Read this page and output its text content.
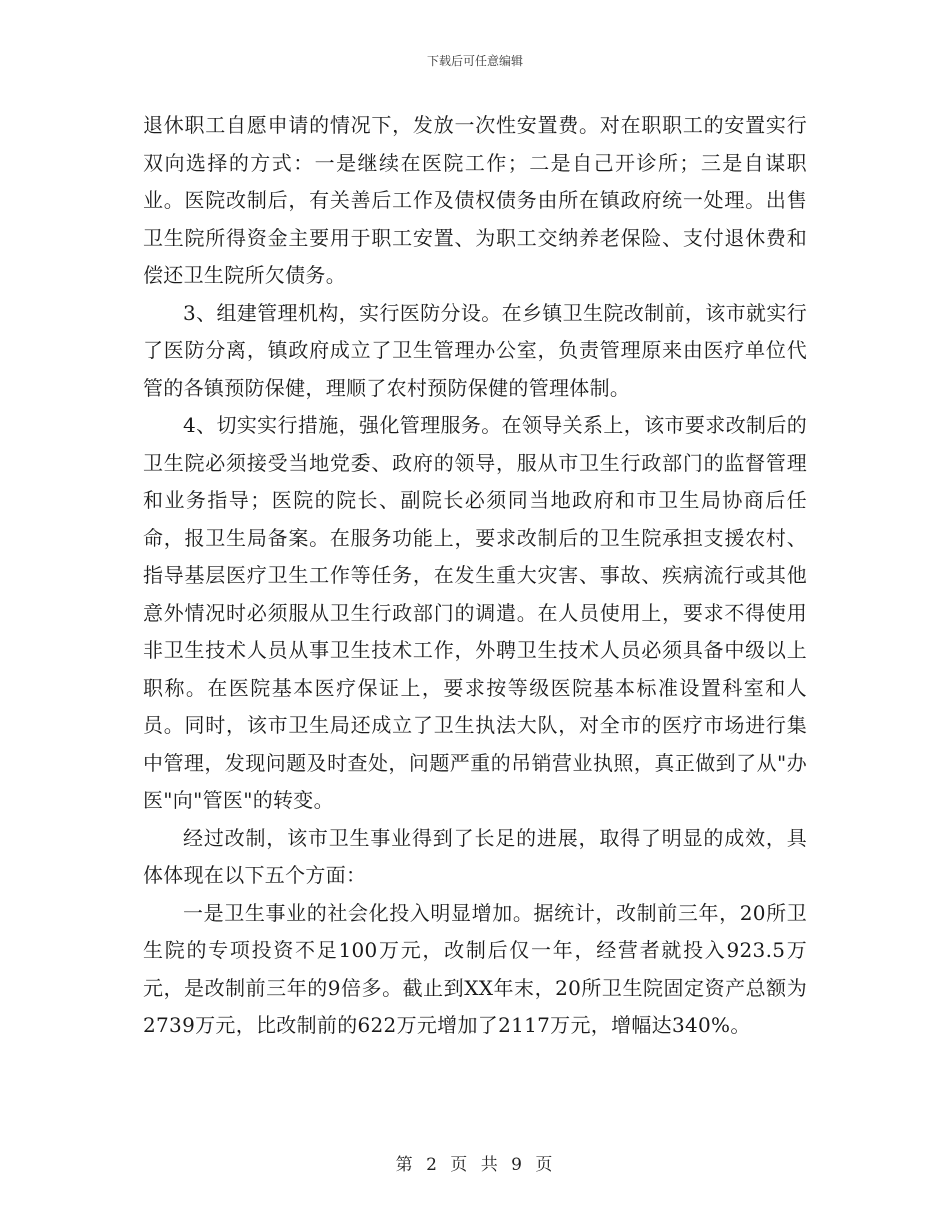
下载后可任意编辑

退休职工自愿申请的情况下，发放一次性安置费。对在职职工的安置实行双向选择的方式：一是继续在医院工作；二是自己开诊所；三是自谋职业。医院改制后，有关善后工作及债权债务由所在镇政府统一处理。出售卫生院所得资金主要用于职工安置、为职工交纳养老保险、支付退休费和偿还卫生院所欠债务。

3、组建管理机构，实行医防分设。在乡镇卫生院改制前，该市就实行了医防分离，镇政府成立了卫生管理办公室，负责管理原来由医疗单位代管的各镇预防保健，理顺了农村预防保健的管理体制。

4、切实实行措施，强化管理服务。在领导关系上，该市要求改制后的卫生院必须接受当地党委、政府的领导，服从市卫生行政部门的监督管理和业务指导；医院的院长、副院长必须同当地政府和市卫生局协商后任命，报卫生局备案。在服务功能上，要求改制后的卫生院承担支援农村、指导基层医疗卫生工作等任务，在发生重大灾害、事故、疾病流行或其他意外情况时必须服从卫生行政部门的调遣。在人员使用上，要求不得使用非卫生技术人员从事卫生技术工作，外聘卫生技术人员必须具备中级以上职称。在医院基本医疗保证上，要求按等级医院基本标准设置科室和人员。同时，该市卫生局还成立了卫生执法大队，对全市的医疗市场进行集中管理，发现问题及时查处，问题严重的吊销营业执照，真正做到了从"办医"向"管医"的转变。

经过改制，该市卫生事业得到了长足的进展，取得了明显的成效，具体体现在以下五个方面：

一是卫生事业的社会化投入明显增加。据统计，改制前三年，20所卫生院的专项投资不足100万元，改制后仅一年，经营者就投入923.5万元，是改制前三年的9倍多。截止到XX年末，20所卫生院固定资产总额为2739万元，比改制前的622万元增加了2117万元，增幅达340%。

第 2 页 共 9 页
